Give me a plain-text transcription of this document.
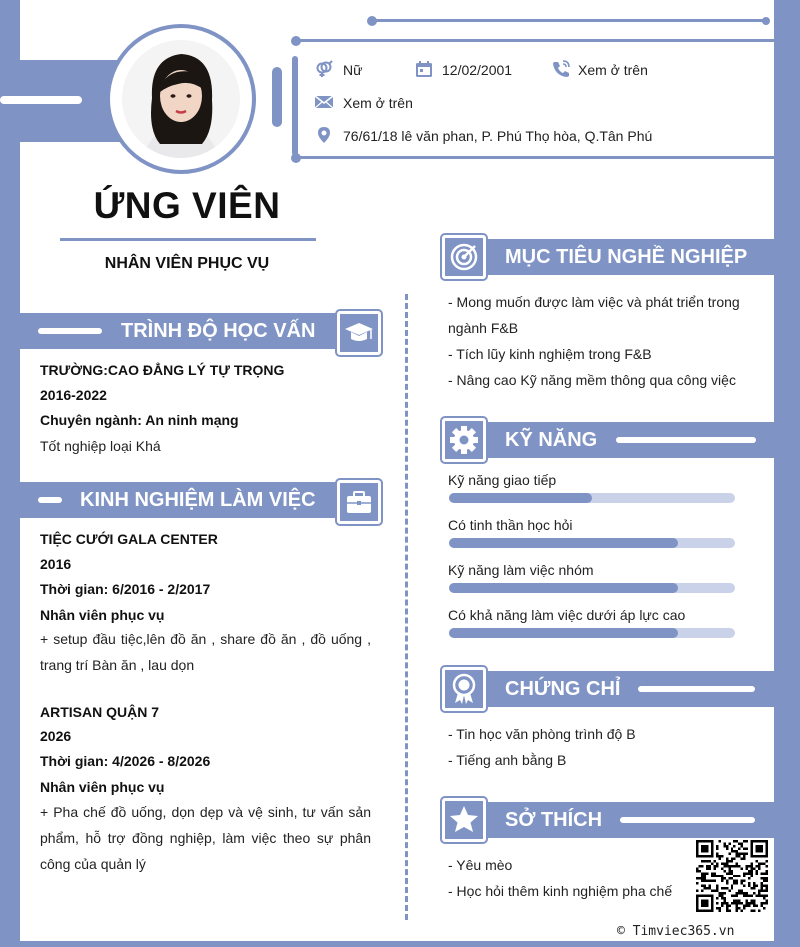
Nữ	12/02/2001	Xem ở trên
Xem ở trên
76/61/18 lê văn phan, P. Phú Thọ hòa, Q.Tân Phú
ỨNG VIÊN
NHÂN VIÊN PHỤC VỤ
TRÌNH ĐỘ HỌC VẤN
TRƯỜNG:CAO ĐẲNG LÝ TỰ TRỌNG
2016-2022
Chuyên ngành: An ninh mạng
Tốt nghiệp loại Khá
KINH NGHIỆM LÀM VIỆC
TIỆC CƯỚI GALA CENTER
2016
Thời gian: 6/2016 - 2/2017
Nhân viên phục vụ
+ setup đầu tiệc,lên đồ ăn , share đồ ăn , đồ uống , trang trí Bàn ăn , lau dọn
ARTISAN QUẬN 7
2026
Thời gian: 4/2026 - 8/2026
Nhân viên phục vụ
+ Pha chế đồ uống, dọn dẹp và vệ sinh, tư vấn sản phẩm, hỗ trợ đồng nghiệp, làm việc theo sự phân công của quản lý
MỤC TIÊU NGHỀ NGHIỆP
- Mong muốn được làm việc và phát triển trong
ngành F&B
- Tích lũy kinh nghiệm trong F&B
- Nâng cao Kỹ năng mềm thông qua công việc
KỸ NĂNG
Kỹ năng giao tiếp
Có tinh thần học hỏi
Kỹ năng làm việc nhóm
Có khả năng làm việc dưới áp lực cao
CHỨNG CHỈ
- Tin học văn phòng trình độ B
- Tiếng anh bằng B
SỞ THÍCH
- Yêu mèo
- Học hỏi thêm kinh nghiệm pha chế
© Timviec365.vn
